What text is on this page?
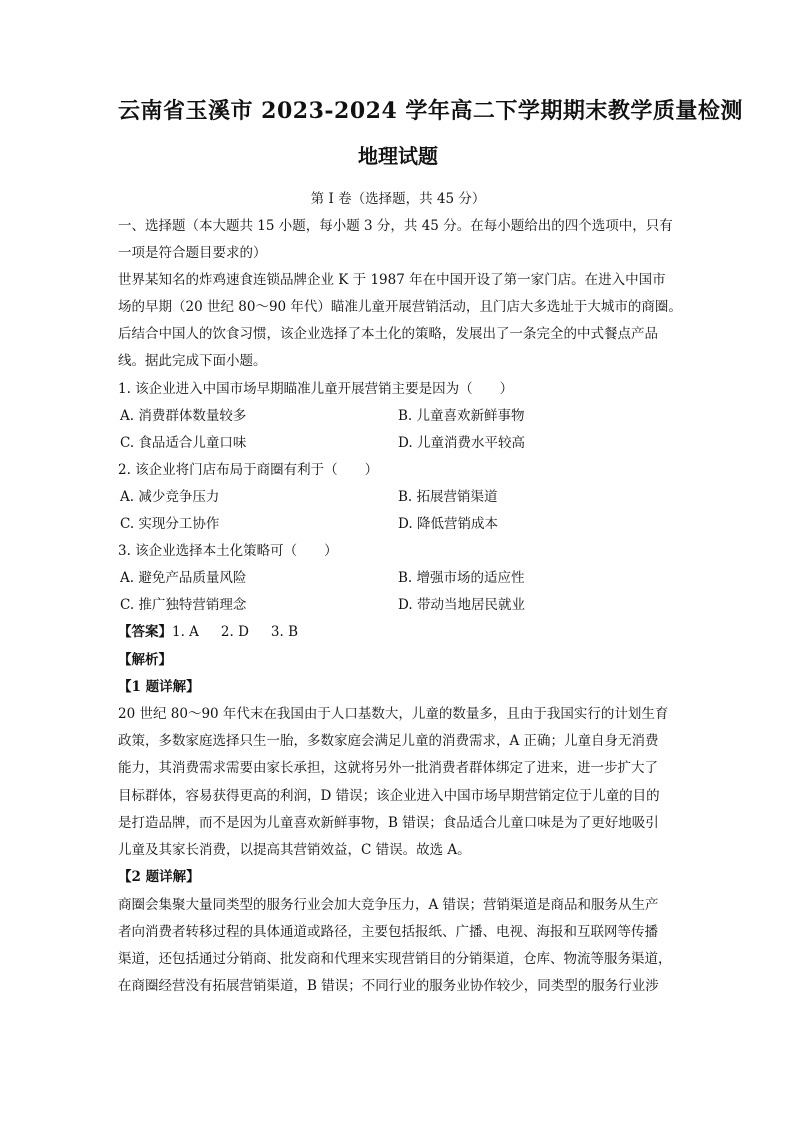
云南省玉溪市 2023-2024 学年高二下学期期末教学质量检测
地理试题
第 I 卷（选择题，共 45 分）
一、选择题（本大题共 15 小题，每小题 3 分，共 45 分。在每小题给出的四个选项中，只有
一项是符合题目要求的）
世界某知名的炸鸡速食连锁品牌企业 K 于 1987 年在中国开设了第一家门店。在进入中国市
场的早期（20 世纪 80～90 年代）瞄准儿童开展营销活动，且门店大多选址于大城市的商圈。
后结合中国人的饮食习惯，该企业选择了本土化的策略，发展出了一条完全的中式餐点产品
线。据此完成下面小题。
1. 该企业进入中国市场早期瞄准儿童开展营销主要是因为（　　）
A. 消费群体数量较多	B. 儿童喜欢新鲜事物
C. 食品适合儿童口味	D. 儿童消费水平较高
2. 该企业将门店布局于商圈有利于（　　）
A. 减少竞争压力	B. 拓展营销渠道
C. 实现分工协作	D. 降低营销成本
3. 该企业选择本土化策略可（　　）
A. 避免产品质量风险	B. 增强市场的适应性
C. 推广独特营销理念	D. 带动当地居民就业
【答案】1. A 2. D 3. B
【解析】
【1 题详解】
20 世纪 80～90 年代末在我国由于人口基数大，儿童的数量多，且由于我国实行的计划生育
政策，多数家庭选择只生一胎，多数家庭会满足儿童的消费需求，A 正确；儿童自身无消费
能力，其消费需求需要由家长承担，这就将另外一批消费者群体绑定了进来，进一步扩大了
目标群体，容易获得更高的利润，D 错误；该企业进入中国市场早期营销定位于儿童的目的
是打造品牌，而不是因为儿童喜欢新鲜事物，B 错误；食品适合儿童口味是为了更好地吸引
儿童及其家长消费，以提高其营销效益，C 错误。故选 A。
【2 题详解】
商圈会集聚大量同类型的服务行业会加大竞争压力，A 错误；营销渠道是商品和服务从生产
者向消费者转移过程的具体通道或路径，主要包括报纸、广播、电视、海报和互联网等传播
渠道，还包括通过分销商、批发商和代理来实现营销目的分销渠道，仓库、物流等服务渠道，
在商圈经营没有拓展营销渠道，B 错误；不同行业的服务业协作较少，同类型的服务行业涉
